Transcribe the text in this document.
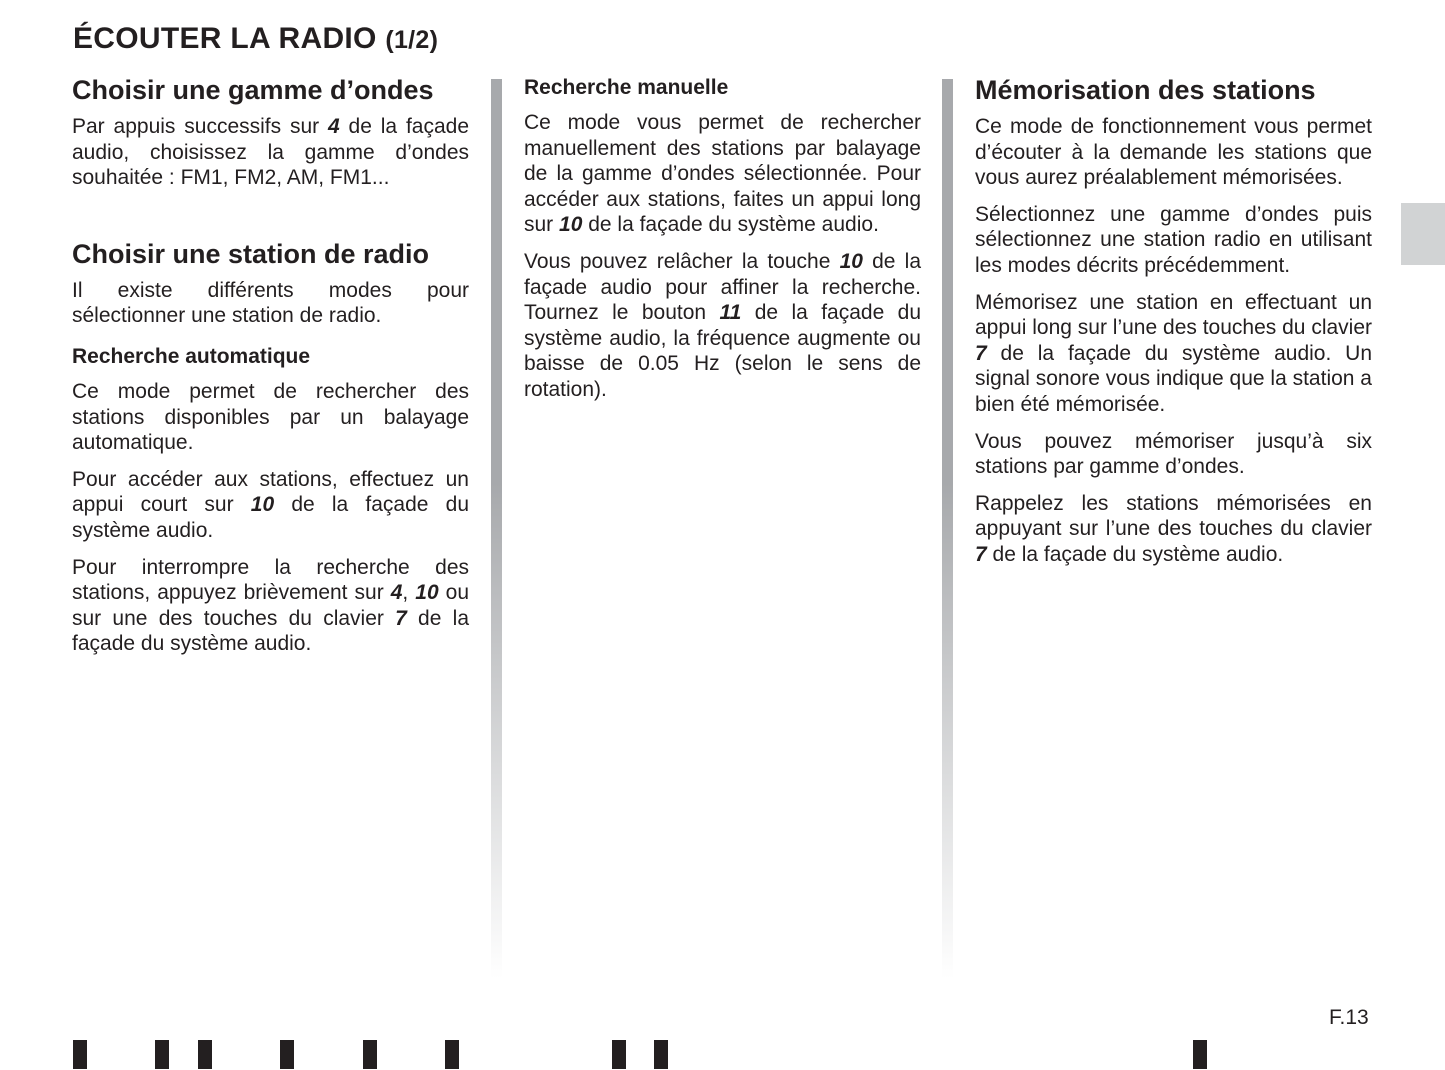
ÉCOUTER LA RADIO (1/2)
Choisir une gamme d’ondes

Par appuis successifs sur 4 de la façade audio, choisissez la gamme d’ondes souhaitée : FM1, FM2, AM, FM1...

Choisir une station de radio

Il existe différents modes pour sélectionner une station de radio.

Recherche automatique

Ce mode permet de rechercher des stations disponibles par un balayage automatique.

Pour accéder aux stations, effectuez un appui court sur 10 de la façade du système audio.

Pour interrompre la recherche des stations, appuyez brièvement sur 4, 10 ou sur une des touches du clavier 7 de la façade du système audio.

Recherche manuelle

Ce mode vous permet de rechercher manuellement des stations par balayage de la gamme d’ondes sélectionnée. Pour accéder aux stations, faites un appui long sur 10 de la façade du système audio.

Vous pouvez relâcher la touche 10 de la façade audio pour affiner la recherche. Tournez le bouton 11 de la façade du système audio, la fréquence augmente ou baisse de 0.05 Hz (selon le sens de rotation).

Mémorisation des stations

Ce mode de fonctionnement vous permet d’écouter à la demande les stations que vous aurez préalablement mémorisées.

Sélectionnez une gamme d’ondes puis sélectionnez une station radio en utilisant les modes décrits précédemment.

Mémorisez une station en effectuant un appui long sur l’une des touches du clavier 7 de la façade du système audio. Un signal sonore vous indique que la station a bien été mémorisée.

Vous pouvez mémoriser jusqu’à six stations par gamme d’ondes.

Rappelez les stations mémorisées en appuyant sur l’une des touches du clavier 7 de la façade du système audio.

F.13
